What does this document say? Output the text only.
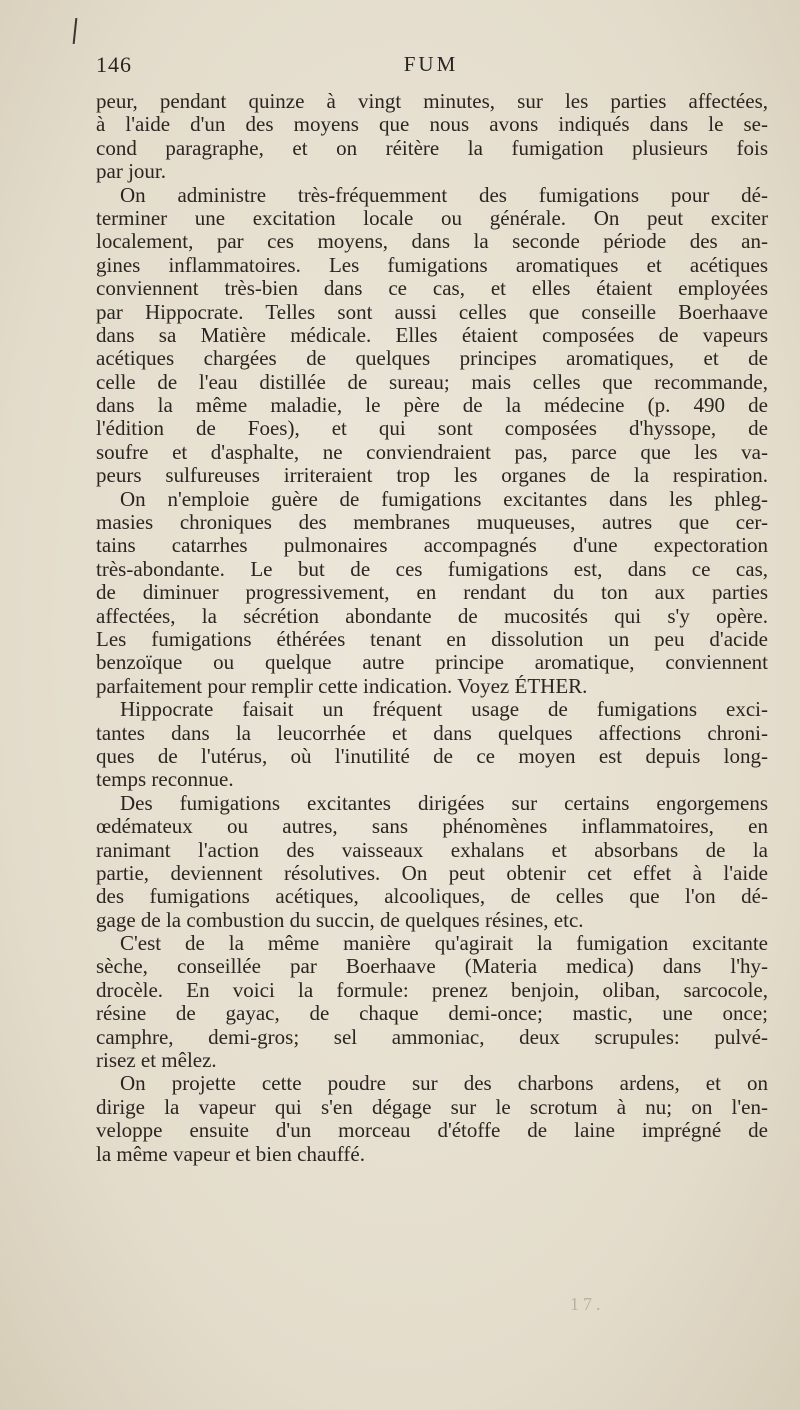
146	FUM
peur, pendant quinze à vingt minutes, sur les parties affectées,
à l'aide d'un des moyens que nous avons indiqués dans le se-
cond paragraphe, et on réitère la fumigation plusieurs fois
par jour.
On administre très-fréquemment des fumigations pour dé-
terminer une excitation locale ou générale. On peut exciter
localement, par ces moyens, dans la seconde période des an-
gines inflammatoires. Les fumigations aromatiques et acétiques
conviennent très-bien dans ce cas, et elles étaient employées
par Hippocrate. Telles sont aussi celles que conseille Boerhaave
dans sa Matière médicale. Elles étaient composées de vapeurs
acétiques chargées de quelques principes aromatiques, et de
celle de l'eau distillée de sureau; mais celles que recommande,
dans la même maladie, le père de la médecine (p. 490 de
l'édition de Foes), et qui sont composées d'hyssope, de
soufre et d'asphalte, ne conviendraient pas, parce que les va-
peurs sulfureuses irriteraient trop les organes de la respiration.
On n'emploie guère de fumigations excitantes dans les phleg-
masies chroniques des membranes muqueuses, autres que cer-
tains catarrhes pulmonaires accompagnés d'une expectoration
très-abondante. Le but de ces fumigations est, dans ce cas,
de diminuer progressivement, en rendant du ton aux parties
affectées, la sécrétion abondante de mucosités qui s'y opère.
Les fumigations éthérées tenant en dissolution un peu d'acide
benzoïque ou quelque autre principe aromatique, conviennent
parfaitement pour remplir cette indication. Voyez ÉTHER.
Hippocrate faisait un fréquent usage de fumigations exci-
tantes dans la leucorrhée et dans quelques affections chroni-
ques de l'utérus, où l'inutilité de ce moyen est depuis long-
temps reconnue.
Des fumigations excitantes dirigées sur certains engorgemens
œdémateux ou autres, sans phénomènes inflammatoires, en
ranimant l'action des vaisseaux exhalans et absorbans de la
partie, deviennent résolutives. On peut obtenir cet effet à l'aide
des fumigations acétiques, alcooliques, de celles que l'on dé-
gage de la combustion du succin, de quelques résines, etc.
C'est de la même manière qu'agirait la fumigation excitante
sèche, conseillée par Boerhaave (Materia medica) dans l'hy-
drocèle. En voici la formule: prenez benjoin, oliban, sarcocole,
résine de gayac, de chaque demi-once; mastic, une once;
camphre, demi-gros; sel ammoniac, deux scrupules: pulvé-
risez et mêlez.
On projette cette poudre sur des charbons ardens, et on
dirige la vapeur qui s'en dégage sur le scrotum à nu; on l'en-
veloppe ensuite d'un morceau d'étoffe de laine imprégné de
la même vapeur et bien chauffé.
17.
